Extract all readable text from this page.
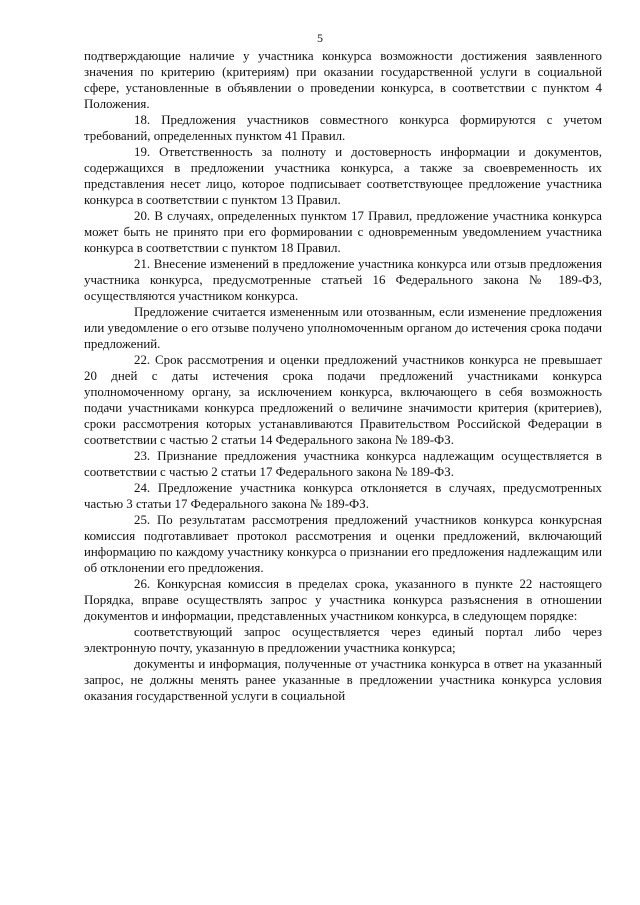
5

подтверждающие наличие у участника конкурса возможности достижения заявленного значения по критерию (критериям) при оказании государственной услуги в социальной сфере, установленные в объявлении о проведении конкурса, в соответствии с пунктом 4 Положения.

18. Предложения участников совместного конкурса формируются с учетом требований, определенных пунктом 41 Правил.

19. Ответственность за полноту и достоверность информации и документов, содержащихся в предложении участника конкурса, а также за своевременность их представления несет лицо, которое подписывает соответствующее предложение участника конкурса в соответствии с пунктом 13 Правил.

20. В случаях, определенных пунктом 17 Правил, предложение участника конкурса может быть не принято при его формировании с одновременным уведомлением участника конкурса в соответствии с пунктом 18 Правил.

21. Внесение изменений в предложение участника конкурса или отзыв предложения участника конкурса, предусмотренные статьей 16 Федерального закона № 189-ФЗ, осуществляются участником конкурса.

Предложение считается измененным или отозванным, если изменение предложения или уведомление о его отзыве получено уполномоченным органом до истечения срока подачи предложений.

22. Срок рассмотрения и оценки предложений участников конкурса не превышает 20 дней с даты истечения срока подачи предложений участниками конкурса уполномоченному органу, за исключением конкурса, включающего в себя возможность подачи участниками конкурса предложений о величине значимости критерия (критериев), сроки рассмотрения которых устанавливаются Правительством Российской Федерации в соответствии с частью 2 статьи 14 Федерального закона № 189-ФЗ.

23. Признание предложения участника конкурса надлежащим осуществляется в соответствии с частью 2 статьи 17 Федерального закона № 189-ФЗ.

24. Предложение участника конкурса отклоняется в случаях, предусмотренных частью 3 статьи 17 Федерального закона № 189-ФЗ.

25. По результатам рассмотрения предложений участников конкурса конкурсная комиссия подготавливает протокол рассмотрения и оценки предложений, включающий информацию по каждому участнику конкурса о признании его предложения надлежащим или об отклонении его предложения.

26. Конкурсная комиссия в пределах срока, указанного в пункте 22 настоящего Порядка, вправе осуществлять запрос у участника конкурса разъяснения в отношении документов и информации, представленных участником конкурса, в следующем порядке:

соответствующий запрос осуществляется через единый портал либо через электронную почту, указанную в предложении участника конкурса;

документы и информация, полученные от участника конкурса в ответ на указанный запрос, не должны менять ранее указанные в предложении участника конкурса условия оказания государственной услуги в социальной
